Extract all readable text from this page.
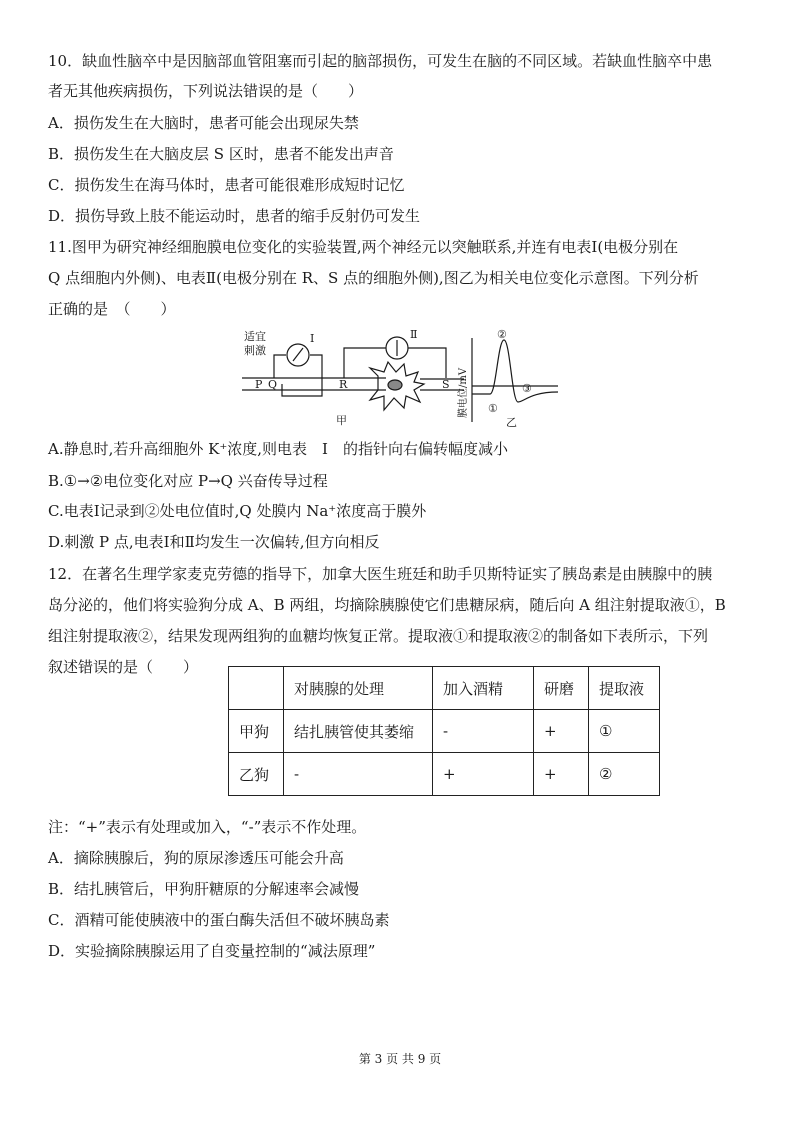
10．缺血性脑卒中是因脑部血管阻塞而引起的脑部损伤，可发生在脑的不同区域。若缺血性脑卒中患
者无其他疾病损伤，下列说法错误的是（　　）
A．损伤发生在大脑时，患者可能会出现尿失禁
B．损伤发生在大脑皮层 S 区时，患者不能发出声音
C．损伤发生在海马体时，患者可能很难形成短时记忆
D．损伤导致上肢不能运动时，患者的缩手反射仍可发生
11.图甲为研究神经细胞膜电位变化的实验装置,两个神经元以突触联系,并连有电表Ⅰ(电极分别在
Q 点细胞内外侧)、电表Ⅱ(电极分别在 R、S 点的细胞外侧),图乙为相关电位变化示意图。下列分析
正确的是　（　　）
适宜
刺激
Ⅰ	Ⅱ
P Q	R	S
甲	乙
①
②
③
膜电位/mV
A.静息时,若升高细胞外 K⁺浓度,则电表　Ⅰ　的指针向右偏转幅度减小
B.①→②电位变化对应 P→Q 兴奋传导过程
C.电表Ⅰ记录到②处电位值时,Q 处膜内 Na⁺浓度高于膜外
D.刺激 P 点,电表Ⅰ和Ⅱ均发生一次偏转,但方向相反
12．在著名生理学家麦克劳德的指导下，加拿大医生班廷和助手贝斯特证实了胰岛素是由胰腺中的胰
岛分泌的，他们将实验狗分成 A、B 两组，均摘除胰腺使它们患糖尿病，随后向 A 组注射提取液①，B
组注射提取液②，结果发现两组狗的血糖均恢复正常。提取液①和提取液②的制备如下表所示，下列
叙述错误的是（　　）
	对胰腺的处理	加入酒精	研磨	提取液
甲狗	结扎胰管使其萎缩	-	+	①
乙狗	-	+	+	②
注：“+”表示有处理或加入，“-”表示不作处理。
A．摘除胰腺后，狗的原尿渗透压可能会升高
B．结扎胰管后，甲狗肝糖原的分解速率会减慢
C．酒精可能使胰液中的蛋白酶失活但不破坏胰岛素
D．实验摘除胰腺运用了自变量控制的“减法原理”
第 3 页 共 9 页
